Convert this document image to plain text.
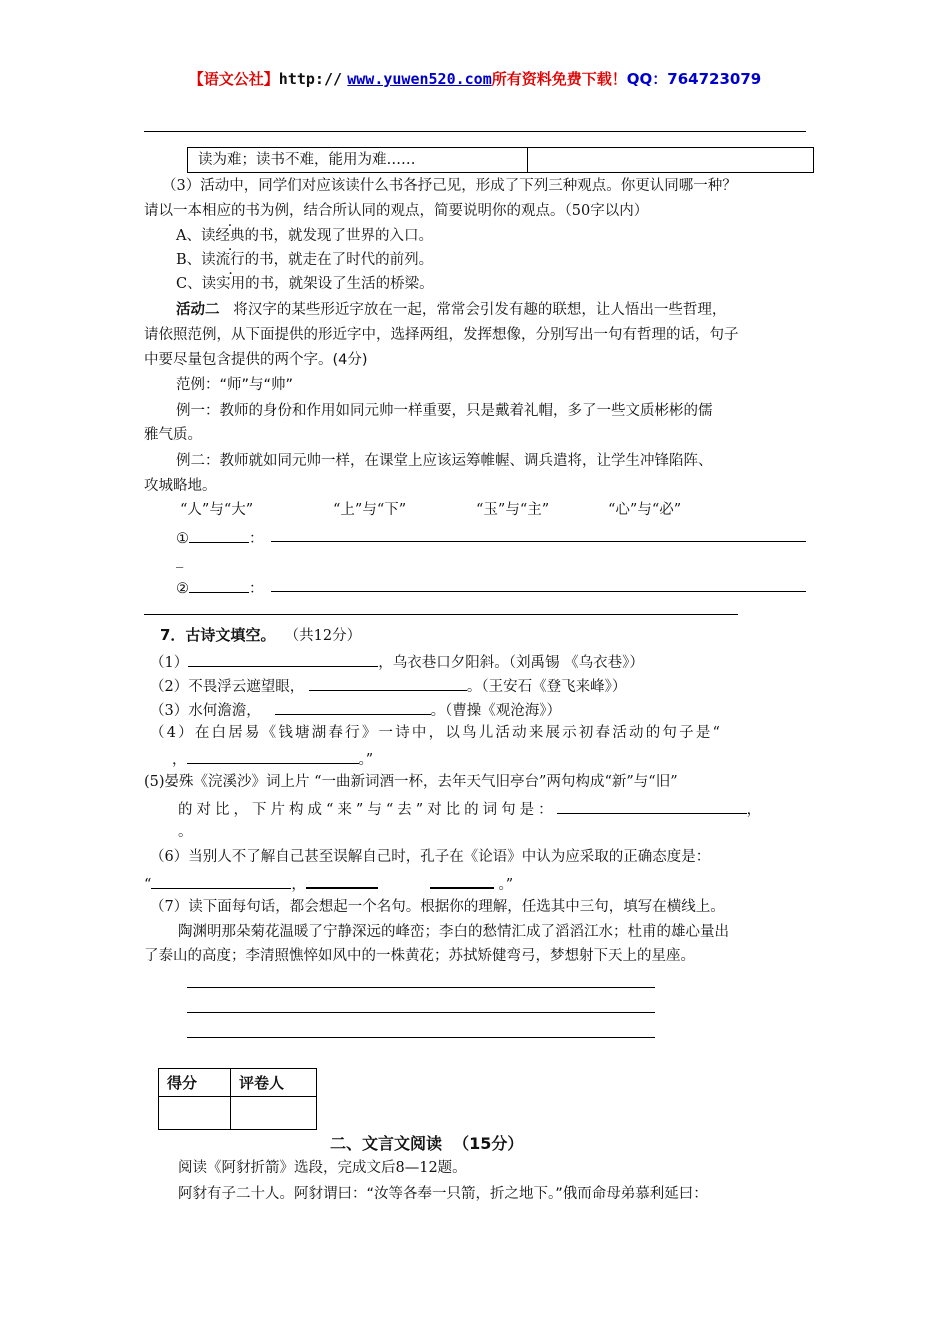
【语文公社】http:// www.yuwen520.com所有资料免费下载！QQ：764723079
读为难；读书不难，能用为难……
（3）活动中，同学们对应该读什么书各抒己见，形成了下列三种观点。你更认同哪一种？
请以一本相应的书为例，结合所认同的观点，简要说明你的观点。（50字以内）
A、读经典的书，就发现了世界的入口。
B、读流行的书，就走在了时代的前列。
C、读实用的书，就架设了生活的桥梁。
活动二 将汉字的某些形近字放在一起，常常会引发有趣的联想，让人悟出一些哲理，
请依照范例，从下面提供的形近字中，选择两组，发挥想像，分别写出一句有哲理的话，句子
中要尽量包含提供的两个字。(4分)
范例：“师”与“帅”
例一：教师的身份和作用如同元帅一样重要，只是戴着礼帽，多了一些文质彬彬的儒
雅气质。
例二：教师就如同元帅一样，在课堂上应该运筹帷幄、调兵遣将，让学生冲锋陷阵、
攻城略地。
“人”与“大”	“上”与“下”	“玉”与“主”	“心”与“必”
①	：
_
②	：
7．古诗文填空。 （共12分）
（1）	，乌衣巷口夕阳斜。（刘禹锡 《乌衣巷》）
（2）不畏浮云遮望眼，	。（王安石《登飞来峰》）
（3）水何澹澹，	。（曹操《观沧海》）
（4）在白居易《钱塘湖春行》一诗中，以鸟儿活动来展示初春活动的句子是“
，	。”
(5)晏殊《浣溪沙》词上片 “一曲新词酒一杯，去年天气旧亭台”两句构成“新”与“旧”
的对比，下片构成“来”与“去”对比的词句是：	，
。
（6）当别人不了解自己甚至误解自己时，孔子在《论语》中认为应采取的正确态度是：
“	，	。”
（7）读下面每句话，都会想起一个名句。根据你的理解，任选其中三句，填写在横线上。
陶渊明那朵菊花温暖了宁静深远的峰峦；李白的愁情汇成了滔滔江水；杜甫的雄心量出
了泰山的高度；李清照憔悴如风中的一株黄花；苏拭矫健弯弓，梦想射下天上的星座。
得分	评卷人
二、文言文阅读 （15分）
阅读《阿豺折箭》选段，完成文后8—12题。
阿豺有子二十人。阿豺谓曰：“汝等各奉一只箭，折之地下。”俄而命母弟慕利延曰：
